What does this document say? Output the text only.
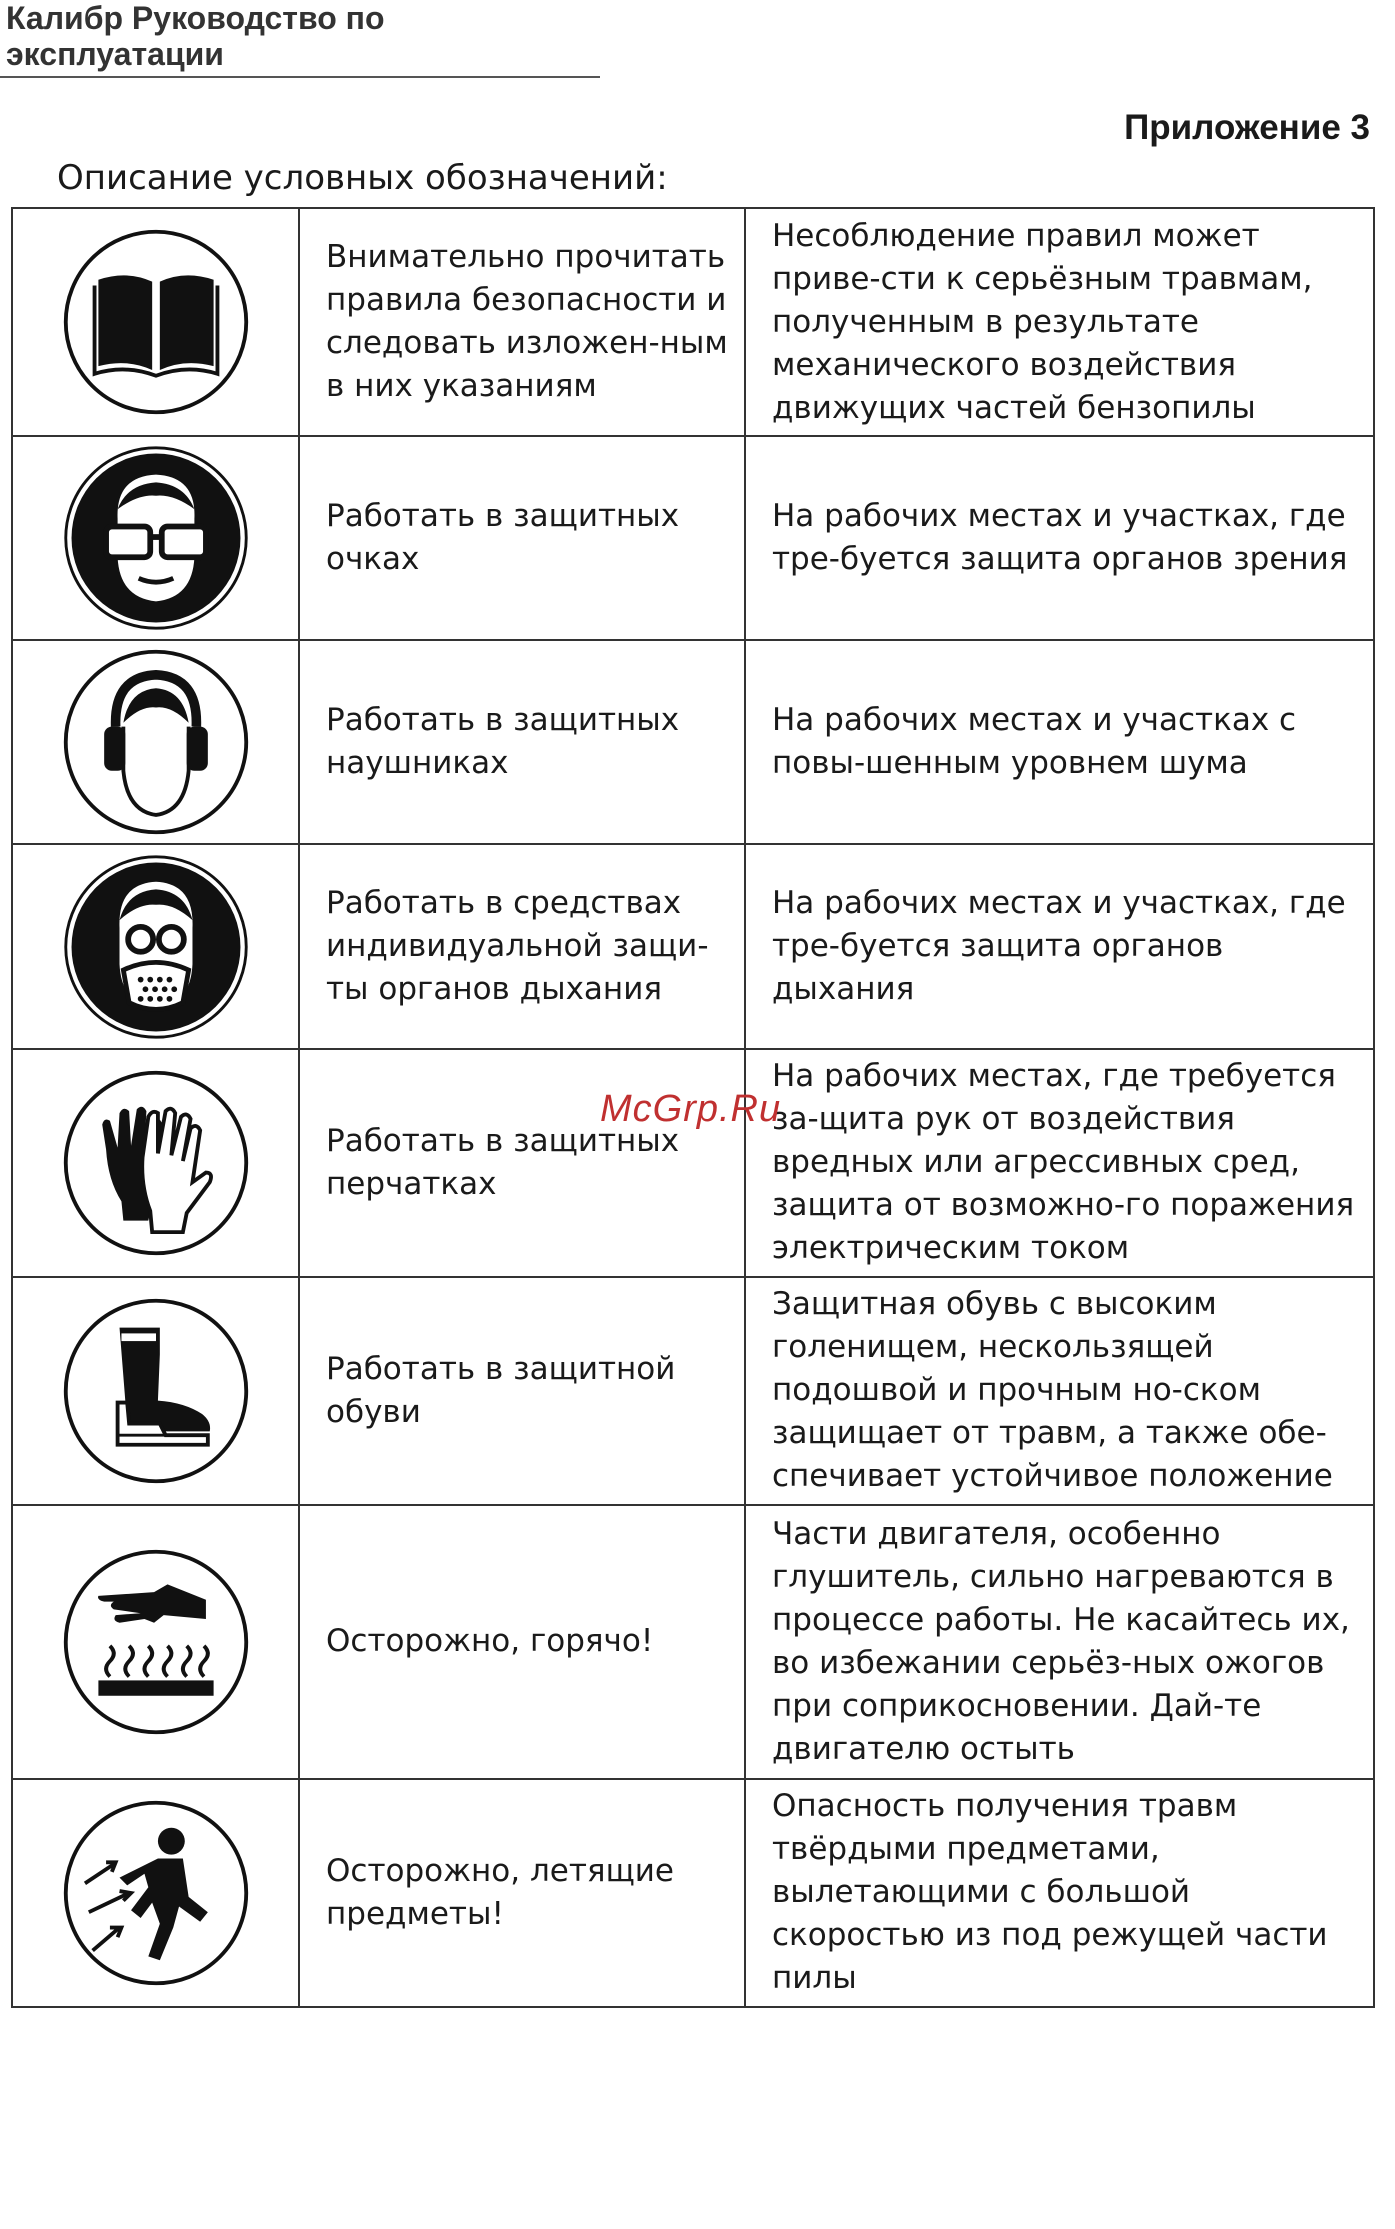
Калибр Руководство по эксплуатации
Приложение 3
Описание условных обозначений:
	Внимательно прочитать правила безопасности и следовать изложен-ным в них указаниям	Несоблюдение правил может приве-сти к серьёзным травмам, полученным в результате механического воздействия движущих частей бензопилы

	Работать в защитных очках	На рабочих местах и участках, где тре-буется защита органов зрения

	Работать в защитных наушниках	На рабочих местах и участках с повы-шенным уровнем шума

	Работать в средствах индивидуальной защи-ты органов дыхания	На рабочих местах и участках, где тре-буется защита органов дыхания

	Работать в защитных перчатках	На рабочих местах, где требуется за-щита рук от воздействия вредных или агрессивных сред, защита от возможно-го поражения электрическим током

	Работать в защитной обуви	Защитная обувь с высоким голенищем, нескользящей подошвой и прочным но-ском защищает от травм, а также обе-спечивает устойчивое положение

	Осторожно, горячо!	Части двигателя, особенно глушитель, сильно нагреваются в процессе работы. Не касайтесь их, во избежании серьёз-ных ожогов при соприкосновении. Дай-те двигателю остыть

	Осторожно, летящие предметы!	Опасность получения травм твёрдыми предметами, вылетающими с большой скоростью из под режущей части пилы
McGrp.Ru
